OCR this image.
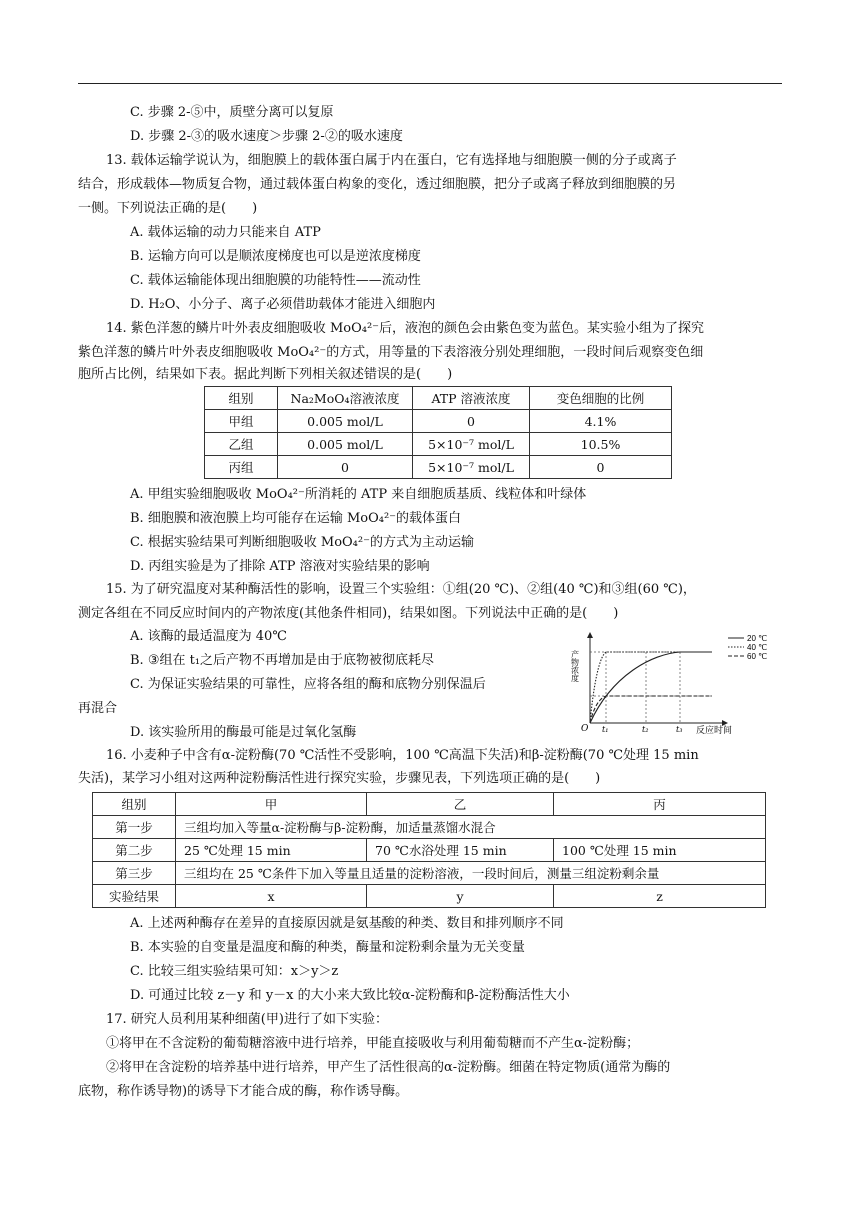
C. 步骤 2-⑤中，质壁分离可以复原
D. 步骤 2-③的吸水速度＞步骤 2-②的吸水速度
13. 载体运输学说认为，细胞膜上的载体蛋白属于内在蛋白，它有选择地与细胞膜一侧的分子或离子
结合，形成载体—物质复合物，通过载体蛋白构象的变化，透过细胞膜，把分子或离子释放到细胞膜的另
一侧。下列说法正确的是(　　)
A. 载体运输的动力只能来自 ATP
B. 运输方向可以是顺浓度梯度也可以是逆浓度梯度
C. 载体运输能体现出细胞膜的功能特性——流动性
D. H₂O、小分子、离子必须借助载体才能进入细胞内
14. 紫色洋葱的鳞片叶外表皮细胞吸收 MoO₄²⁻后，液泡的颜色会由紫色变为蓝色。某实验小组为了探究
紫色洋葱的鳞片叶外表皮细胞吸收 MoO₄²⁻的方式，用等量的下表溶液分别处理细胞，一段时间后观察变色细
胞所占比例，结果如下表。据此判断下列相关叙述错误的是(　　)
组别	Na₂MoO₄溶液浓度	ATP 溶液浓度	变色细胞的比例
甲组	0.005 mol/L	0	4.1%
乙组	0.005 mol/L	5×10⁻⁷ mol/L	10.5%
丙组	0	5×10⁻⁷ mol/L	0
A. 甲组实验细胞吸收 MoO₄²⁻所消耗的 ATP 来自细胞质基质、线粒体和叶绿体
B. 细胞膜和液泡膜上均可能存在运输 MoO₄²⁻的载体蛋白
C. 根据实验结果可判断细胞吸收 MoO₄²⁻的方式为主动运输
D. 丙组实验是为了排除 ATP 溶液对实验结果的影响
15. 为了研究温度对某种酶活性的影响，设置三个实验组：①组(20 ℃)、②组(40 ℃)和③组(60 ℃)，
测定各组在不同反应时间内的产物浓度(其他条件相同)，结果如图。下列说法中正确的是(　　)
A. 该酶的最适温度为 40℃
B. ③组在 t₁之后产物不再增加是由于底物被彻底耗尽
C. 为保证实验结果的可靠性，应将各组的酶和底物分别保温后
再混合
D. 该实验所用的酶最可能是过氧化氢酶
产物浓度
反应时间
O t₁	t₂	t₃
20 ℃
40 ℃
60 ℃
16. 小麦种子中含有α-淀粉酶(70 ℃活性不受影响，100 ℃高温下失活)和β-淀粉酶(70 ℃处理 15 min
失活)，某学习小组对这两种淀粉酶活性进行探究实验，步骤见表，下列选项正确的是(　　)
组别	甲	乙	丙
第一步	三组均加入等量α-淀粉酶与β-淀粉酶，加适量蒸馏水混合		
第二步	25 ℃处理 15 min	70 ℃水浴处理 15 min	100 ℃处理 15 min
第三步	三组均在 25 ℃条件下加入等量且适量的淀粉溶液，一段时间后，测量三组淀粉剩余量		
实验结果	x	y	z
A. 上述两种酶存在差异的直接原因就是氨基酸的种类、数目和排列顺序不同
B. 本实验的自变量是温度和酶的种类，酶量和淀粉剩余量为无关变量
C. 比较三组实验结果可知：x＞y＞z
D. 可通过比较 z－y 和 y－x 的大小来大致比较α-淀粉酶和β-淀粉酶活性大小
17. 研究人员利用某种细菌(甲)进行了如下实验：
①将甲在不含淀粉的葡萄糖溶液中进行培养，甲能直接吸收与利用葡萄糖而不产生α-淀粉酶；
②将甲在含淀粉的培养基中进行培养，甲产生了活性很高的α-淀粉酶。细菌在特定物质(通常为酶的
底物，称作诱导物)的诱导下才能合成的酶，称作诱导酶。
